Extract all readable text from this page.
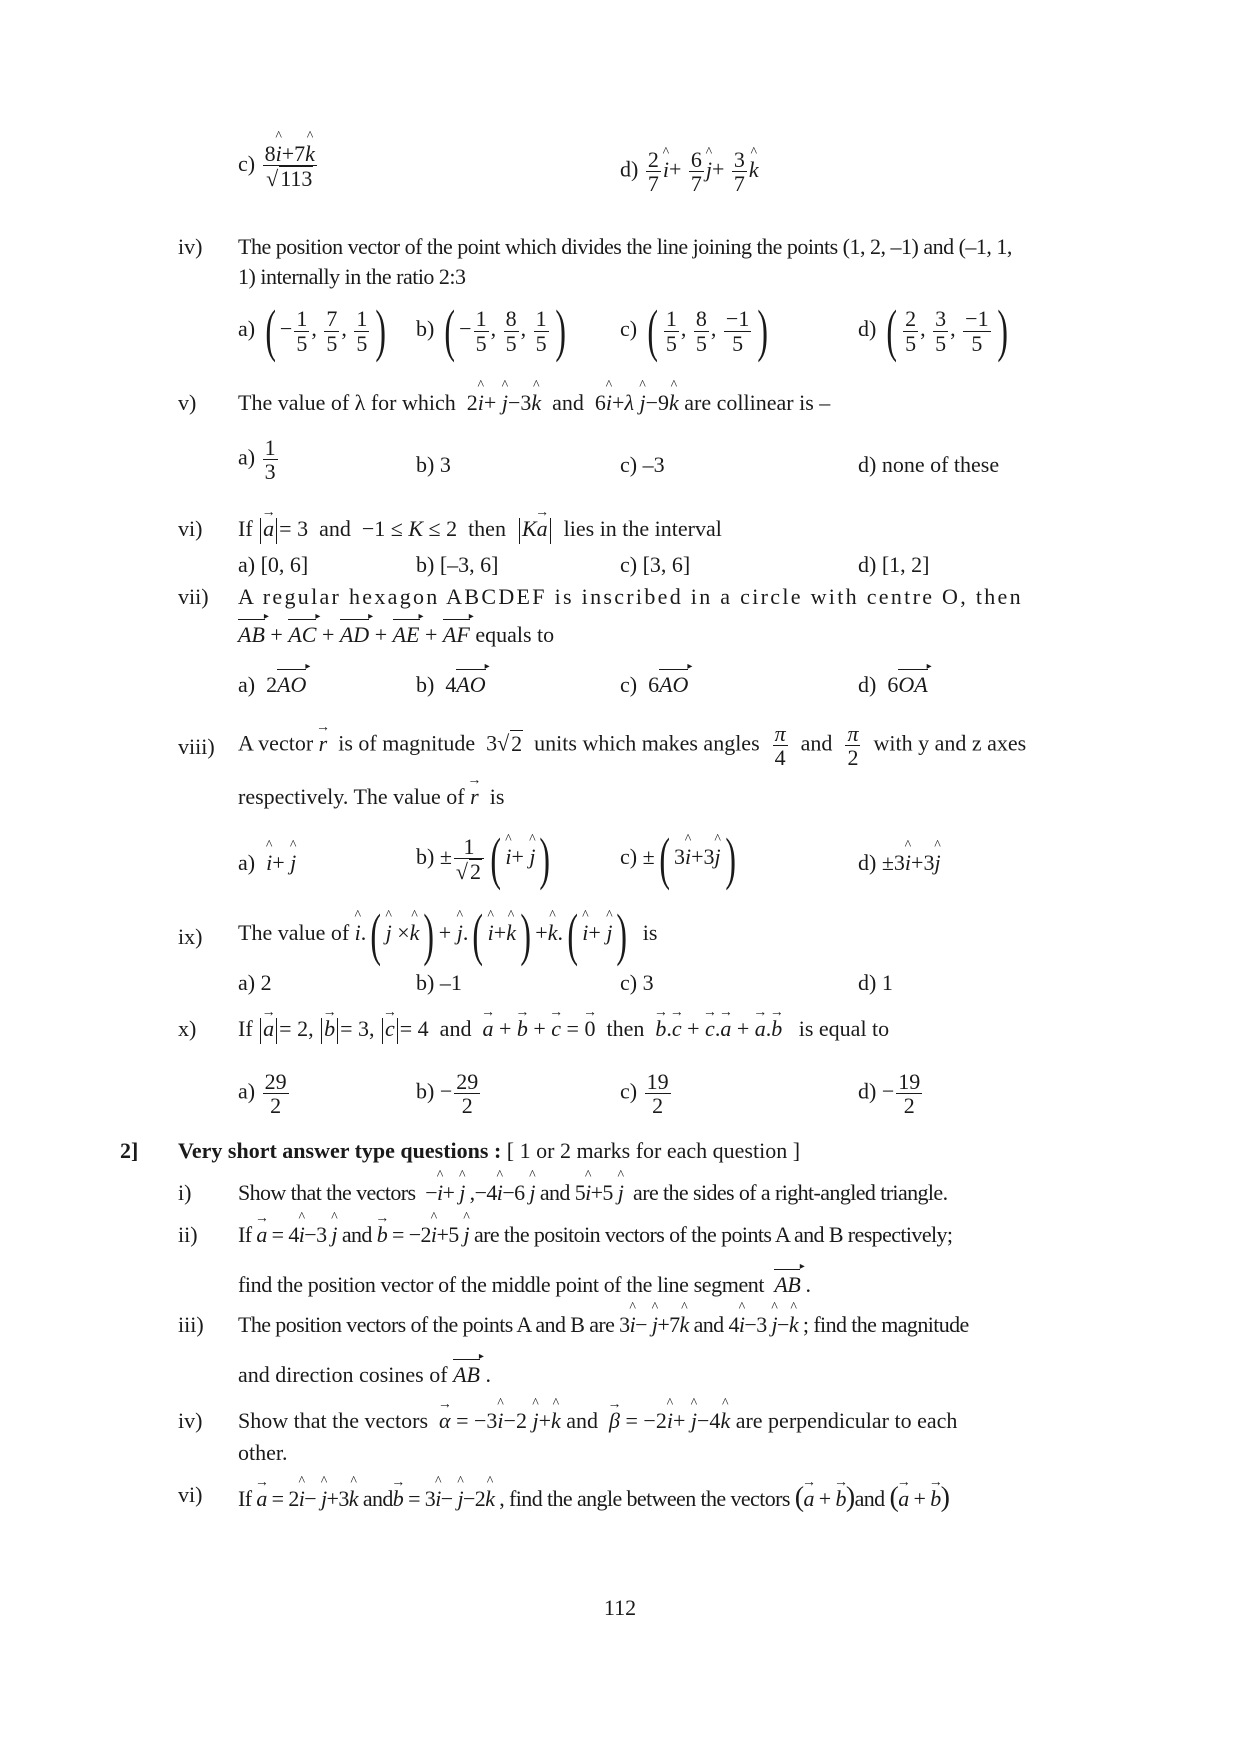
$c) \frac{8\^{} i+7\^{} k}{√113}$	$d) \frac{2}{7}$ ^ $i+ \frac{6}{7}$ ^ $j+ \frac{3}{7}$ ^ k
iv) The position vector of the point which divides the line joining the points (1, 2, –1) and (–1, 1,
1) internally in the ratio 2:3
a) ( − $\frac{1}{5}$ , $\frac{7}{5}$ , $\frac{1}{5}$ ) b) ( − $\frac{1}{5}$ , $\frac{8}{5}$ , $\frac{1}{5}$ ) c) ( $\frac{1}{5}$ , $\frac{8}{5}$ , $\frac{-1}{5}$ )	d) ( $\frac{2}{5}$ , $\frac{3}{5}$ , $\frac{-1}{5}$ )
v) The value of λ for which  2^ i+ ^ j−3^ k  and  6^ i+λ ^ j−9^ k are collinear is –
$a) \frac{1}{3}$	b) 3	c) –3	d) none of these
vi) If → a = 3  and  −1 ≤ K ≤ 2  then  K→ a  lies in the interval
a) [0, 6]	b) [–3, 6]	c) [3, 6]	d) [1, 2]
vii) A regular hexagon ABCDEF is inscribed in a circle with centre O, then
AB ▸ + AC ▸ + AD ▸ + AE ▸ + AF ▸ equals to
a)  2AO ▸	b)  4AO ▸	c)  6AO ▸	d)  6OA ▸
viii) A vector → r  is of magnitude  3√2  units which makes angles $\frac{\pi}{4}$ and $\frac{\pi}{2}$ with y and z axes
respectively. The value of → r  is
a)  ^ i+ ^ j	$b) \pm \frac{1}{√2}$ ( ^ i+ ^ j)	c) ±( 3^ i+3^ j)	d) ±3^ i+3^ j
ix) The value of ^ i.( ^ j ×^ k) + ^ j.( ^ i+^ k) +^ k.( ^ i+ ^ j)  is
a) 2	b) –1	c) 3	d) 1
x) If → a = 2, → b = 3, → c = 4  and  → a + → b + → c = → 0  then  → b.→ c + → c.→ a + → a.→ b   is equal to
$a) \frac{29}{2}$	$b) - \frac{29}{2}$	$c) \frac{19}{2}$	$d) - \frac{19}{2}$
2] Very short answer type questions : [ 1 or 2 marks for each question ]
i) Show that the vectors  −^ i+ ^ j ,−4^ i−6 ^ j and 5^ i+5 ^ j  are the sides of a right-angled triangle.
ii) If → a = 4^ i−3 ^ j and → b = −2^ i+5 ^ j are the positoin vectors of the points A and B respectively;
find the position vector of the middle point of the line segment  AB ▸ .
iii) The position vectors of the points A and B are 3^ i− ^ j+7^ k and 4^ i−3 ^ j−^ k ; find the magnitude
and direction cosines of AB ▸ .
iv) Show that the vectors  → α = −3^ i−2 ^ j+^ k and  → β = −2^ i+ ^ j−4^ k are perpendicular to each
other.
vi) If → a = 2^ i− ^ j+3^ k and→ b = 3^ i− ^ j−2^ k , find the angle between the vectors (→ a + → b)and (→ a + → b)
112
